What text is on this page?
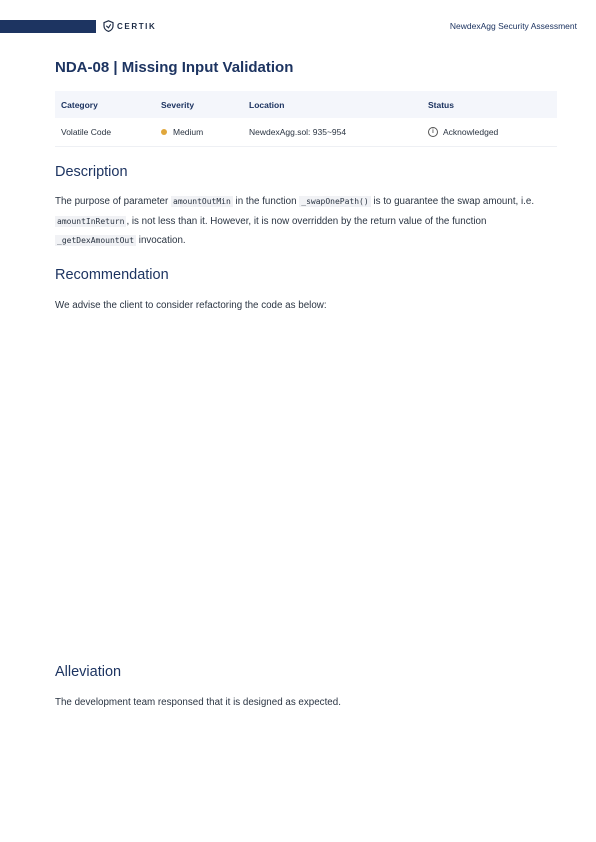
CERTIK	NewdexAgg Security Assessment
NDA-08 | Missing Input Validation
Category	Severity	Location	Status
Volatile Code	Medium	NewdexAgg.sol: 935~954	i	Acknowledged
Description

The purpose of parameter amountOutMin in the function _swapOnePath() is to guarantee the swap amount, i.e. amountInReturn , is not less than it. However, it is now overridden by the return value of the function _getDexAmountOut invocation.

Recommendation

We advise the client to consider refactoring the code as below:

Alleviation

The development team responsed that it is designed as expected.
